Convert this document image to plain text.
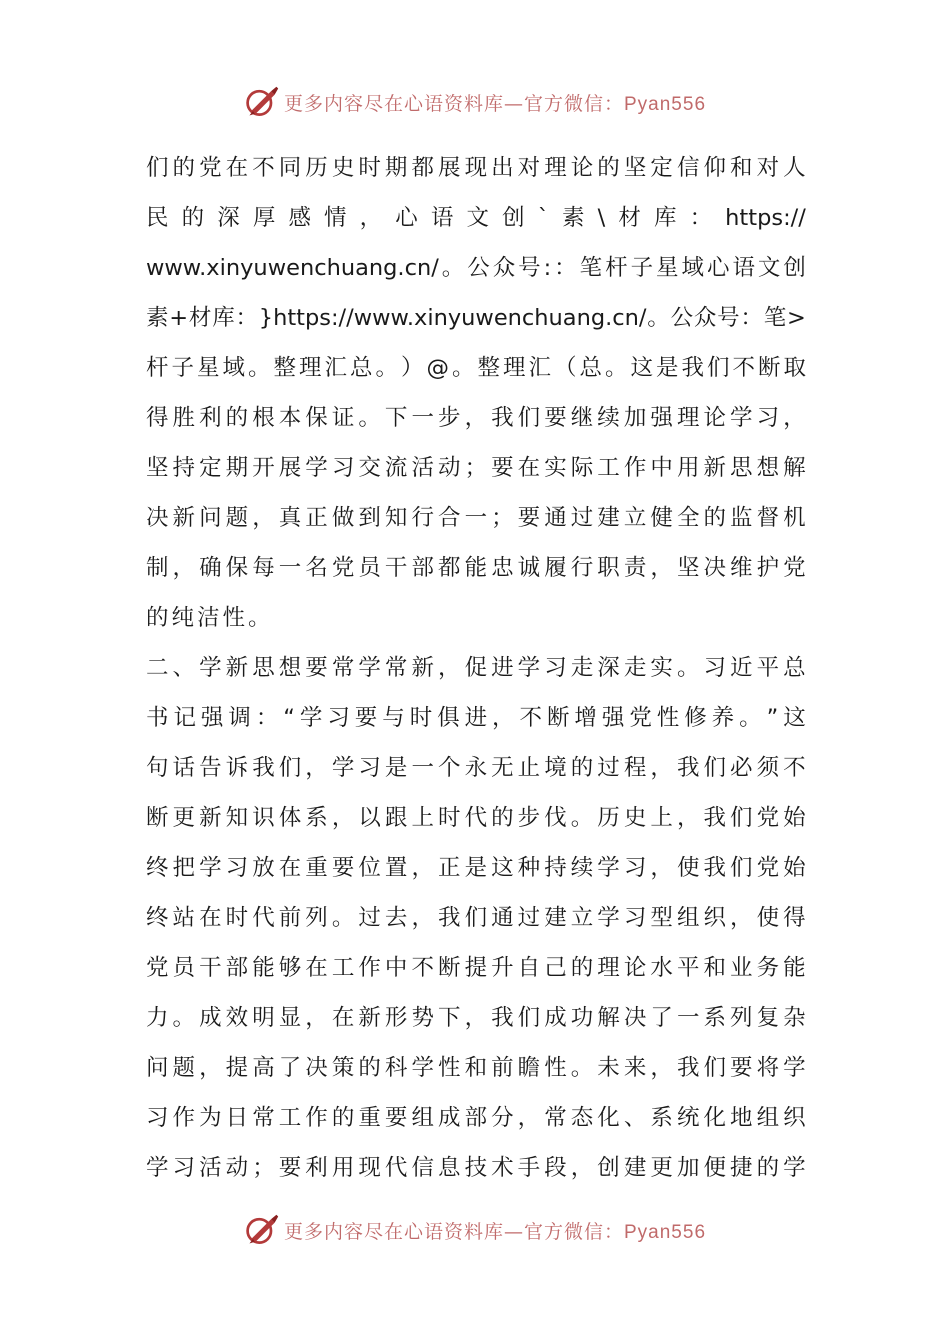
更多内容尽在心语资料库—官方微信：Pyan556
们 的 党 在 不 同 历 史 时 期 都 展 现 出 对 理 论 的 坚 定 信 仰 和 对 人
民 的 深 厚 感 情 ， 心 语 文 创 ` 素 \ 材 库 ： https://
www.xinyuwenchuang.cn/ 。 公 众 号 : ： 笔 杆 子 星 域 心 语 文 创
素 + 材 库 ： }https://www.xinyuwenchuang.cn/ 。 公 众 号 ： 笔 >
杆 子 星 域 。 整 理 汇 总 。 ） @ 。 整 理 汇 （ 总 。 这 是 我 们 不 断 取
得 胜 利 的 根 本 保 证 。 下 一 步 ， 我 们 要 继 续 加 强 理 论 学 习 ，
坚 持 定 期 开 展 学 习 交 流 活 动 ； 要 在 实 际 工 作 中 用 新 思 想 解
决 新 问 题 ， 真 正 做 到 知 行 合 一 ； 要 通 过 建 立 健 全 的 监 督 机
制 ， 确 保 每 一 名 党 员 干 部 都 能 忠 诚 履 行 职 责 ， 坚 决 维 护 党
的纯洁性。
二 、 学 新 思 想 要 常 学 常 新 ， 促 进 学 习 走 深 走 实 。 习 近 平 总
书 记 强 调 ： “ 学 习 要 与 时 俱 进 ， 不 断 增 强 党 性 修 养 。 ” 这
句 话 告 诉 我 们 ， 学 习 是 一 个 永 无 止 境 的 过 程 ， 我 们 必 须 不
断 更 新 知 识 体 系 ， 以 跟 上 时 代 的 步 伐 。 历 史 上 ， 我 们 党 始
终 把 学 习 放 在 重 要 位 置 ， 正 是 这 种 持 续 学 习 ， 使 我 们 党 始
终 站 在 时 代 前 列 。 过 去 ， 我 们 通 过 建 立 学 习 型 组 织 ， 使 得
党 员 干 部 能 够 在 工 作 中 不 断 提 升 自 己 的 理 论 水 平 和 业 务 能
力 。 成 效 明 显 ， 在 新 形 势 下 ， 我 们 成 功 解 决 了 一 系 列 复 杂
问 题 ， 提 高 了 决 策 的 科 学 性 和 前 瞻 性 。 未 来 ， 我 们 要 将 学
习 作 为 日 常 工 作 的 重 要 组 成 部 分 ， 常 态 化 、 系 统 化 地 组 织
学 习 活 动 ； 要 利 用 现 代 信 息 技 术 手 段 ， 创 建 更 加 便 捷 的 学
更多内容尽在心语资料库—官方微信：Pyan556
